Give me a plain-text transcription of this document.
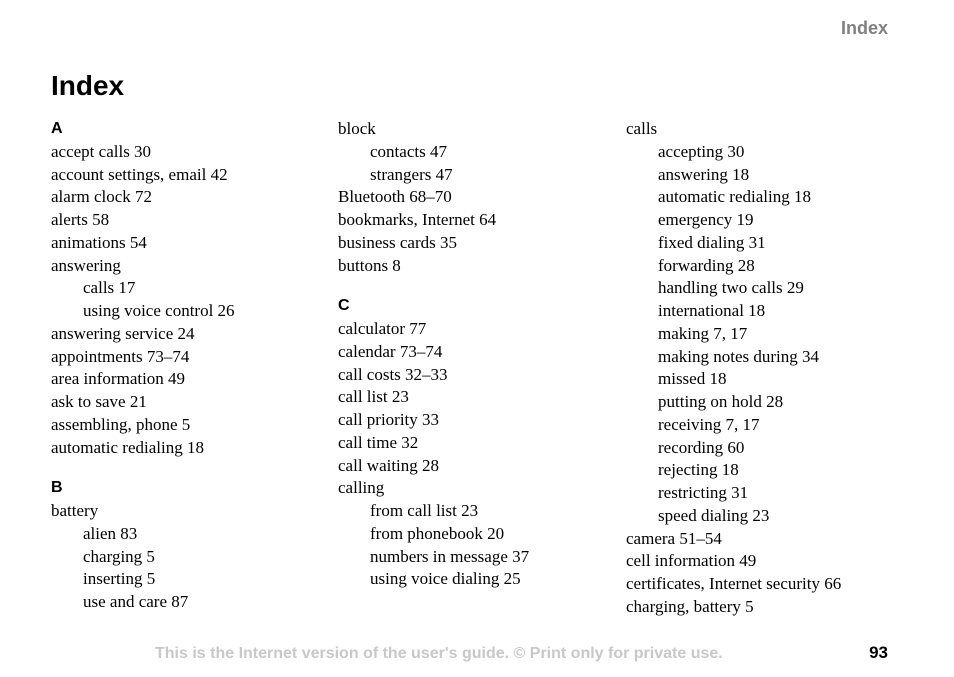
Index
Index
A
accept calls 30
account settings, email 42
alarm clock 72
alerts 58
animations 54
answering
calls 17
using voice control 26
answering service 24
appointments 73–74
area information 49
ask to save 21
assembling, phone 5
automatic redialing 18
B
battery
alien 83
charging 5
inserting 5
use and care 87
block
contacts 47
strangers 47
Bluetooth 68–70
bookmarks, Internet 64
business cards 35
buttons 8
C
calculator 77
calendar 73–74
call costs 32–33
call list 23
call priority 33
call time 32
call waiting 28
calling
from call list 23
from phonebook 20
numbers in message 37
using voice dialing 25
calls
accepting 30
answering 18
automatic redialing 18
emergency 19
fixed dialing 31
forwarding 28
handling two calls 29
international 18
making 7, 17
making notes during 34
missed 18
putting on hold 28
receiving 7, 17
recording 60
rejecting 18
restricting 31
speed dialing 23
camera 51–54
cell information 49
certificates, Internet security 66
charging, battery 5
This is the Internet version of the user's guide. © Print only for private use.	93
